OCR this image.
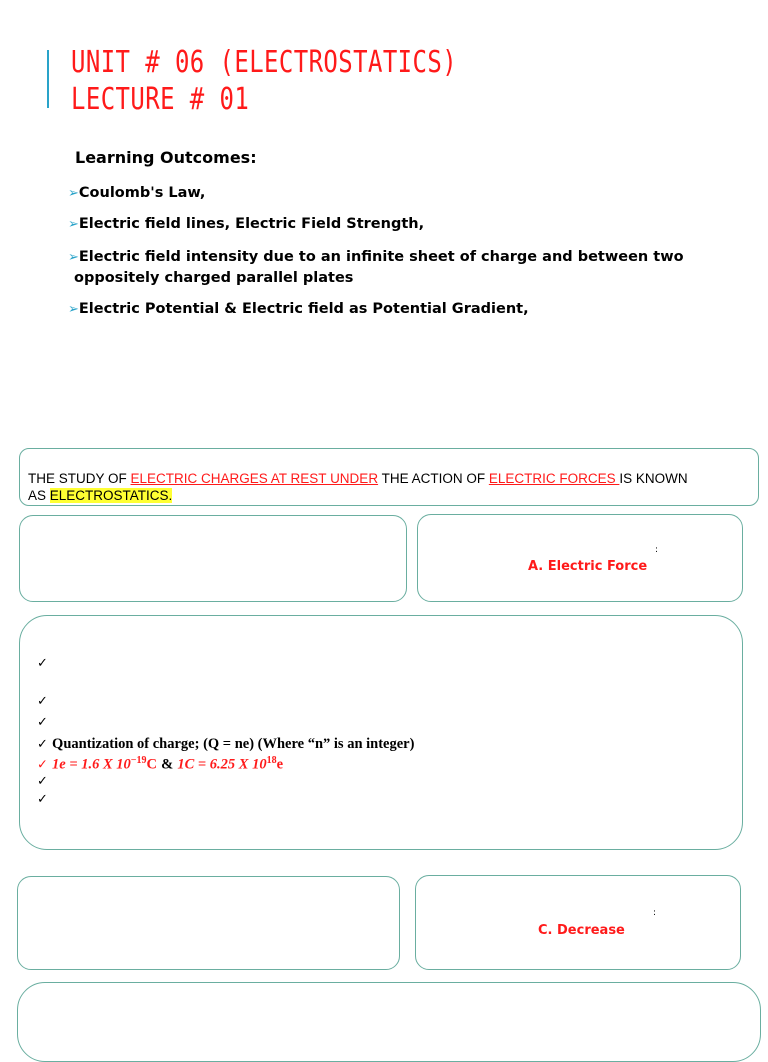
UNIT # 06 (ELECTROSTATICS)
LECTURE # 01
Learning Outcomes:
➢Coulomb's Law,
➢Electric field lines, Electric Field Strength,
➢Electric field intensity due to an infinite sheet of charge and between two
oppositely charged parallel plates
➢Electric Potential & Electric field as Potential Gradient,
THE STUDY OF ELECTRIC CHARGES AT REST UNDER THE ACTION OF ELECTRIC FORCES IS KNOWN
AS ELECTROSTATICS.
:
A. Electric Force
✓
✓
✓
✓ Quantization of charge; (Q = ne) (Where “n” is an integer)
✓ 1e = 1.6 X $10^{-19}C$ & 1C = 6.25 X $10^{18}e$
✓
✓
:
C. Decrease
